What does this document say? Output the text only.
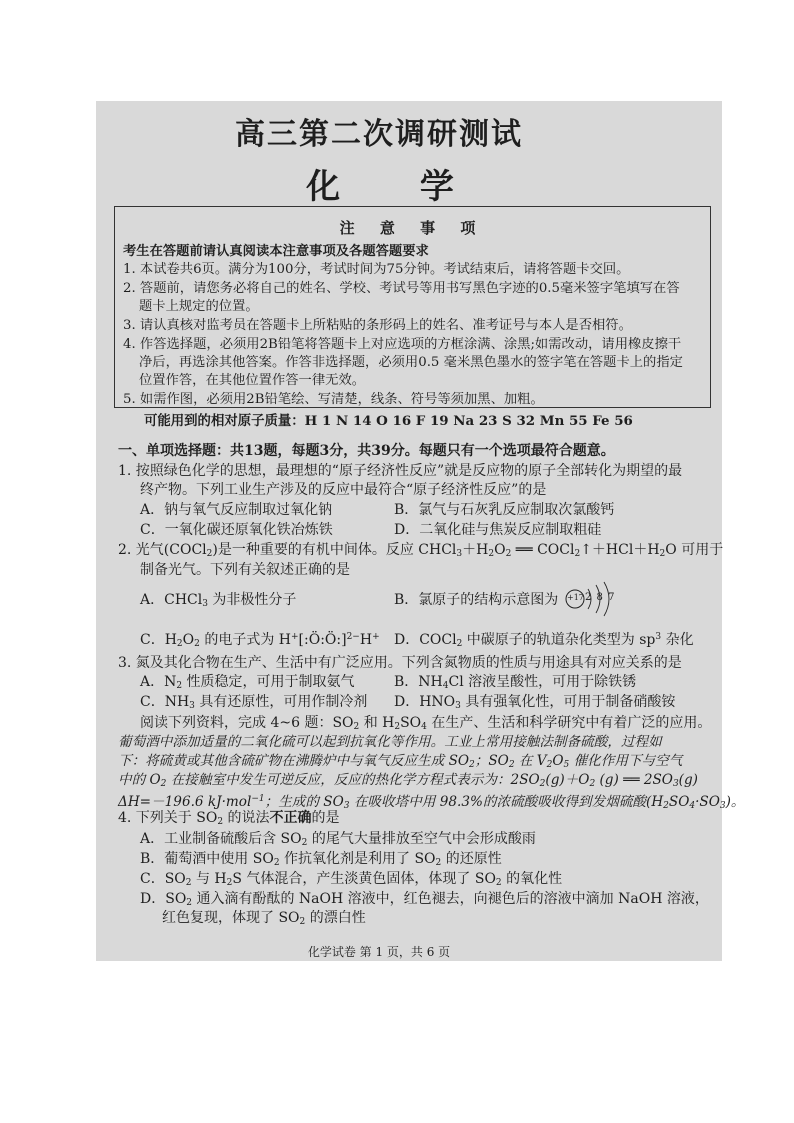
高三第二次调研测试
化 学
注 意 事 项
考生在答题前请认真阅读本注意事项及各题答题要求
1. 本试卷共6页。满分为100分，考试时间为75分钟。考试结束后，请将答题卡交回。
2. 答题前，请您务必将自己的姓名、学校、考试号等用书写黑色字迹的0.5毫米签字笔填写在答
题卡上规定的位置。
3. 请认真核对监考员在答题卡上所粘贴的条形码上的姓名、准考证号与本人是否相符。
4. 作答选择题，必须用2B铅笔将答题卡上对应选项的方框涂满、涂黑;如需改动，请用橡皮擦干
净后，再选涂其他答案。作答非选择题，必须用0.5 毫米黑色墨水的签字笔在答题卡上的指定
位置作答，在其他位置作答一律无效。
5. 如需作图，必须用2B铅笔绘、写清楚，线条、符号等须加黑、加粗。
可能用到的相对原子质量：H 1 N 14 O 16 F 19 Na 23 S 32 Mn 55 Fe 56
一、单项选择题：共13题，每题3分，共39分。每题只有一个选项最符合题意。
1. 按照绿色化学的思想，最理想的“原子经济性反应”就是反应物的原子全部转化为期望的最
终产物。下列工业生产涉及的反应中最符合“原子经济性反应”的是
A．钠与氧气反应制取过氧化钠	B．氯气与石灰乳反应制取次氯酸钙
C．一氧化碳还原氧化铁冶炼铁	D．二氧化硅与焦炭反应制取粗硅
2. 光气(COCl$_2$)是一种重要的有机中间体。反应 $CHCl_3+H_2O_2$ ══ $COCl_2↑+HCl+H_2O$ 可用于
制备光气。下列有关叙述正确的是
A．CHCl$_3$ 为非极性分子	B．氯原子的结构示意图为 +17 2 8 7
C．$H_2O_2$ 的电子式为 H+[:Ö:Ö:]$^{2-}$H+ D．COCl$_2$ 中碳原子的轨道杂化类型为 $sp^3$ 杂化
3. 氮及其化合物在生产、生活中有广泛应用。下列含氮物质的性质与用途具有对应关系的是
A．$N_2$ 性质稳定，可用于制取氨气	B．$NH_4Cl$ 溶液呈酸性，可用于除铁锈
C．$NH_3$ 具有还原性，可用作制冷剂 D．$HNO_3$ 具有强氧化性，可用于制备硝酸铵
阅读下列资料，完成 4~6 题：$SO_2$ 和 $H_2SO_4$ 在生产、生活和科学研究中有着广泛的应用。
葡萄酒中添加适量的二氧化硫可以起到抗氧化等作用。工业上常用接触法制备硫酸，过程如
下：将硫黄或其他含硫矿物在沸腾炉中与氧气反应生成 $SO_2$；$SO_2$ 在 $V_2O_5$ 催化作用下与空气
中的 $O_2$ 在接触室中发生可逆反应，反应的热化学方程式表示为：$2SO_2(g)+O_2$ (g) ══ $2SO_3(g)$
ΔH=－196.6 kJ·mol$^{-1}$；生成的 $SO_3$ 在吸收塔中用 98.3%的浓硫酸吸收得到发烟硫酸$(H_2SO_4\cdot SO_3)$。
4. 下列关于 $SO_2$ 的说法不正确的是
A．工业制备硫酸后含 $SO_2$ 的尾气大量排放至空气中会形成酸雨
B．葡萄酒中使用 $SO_2$ 作抗氧化剂是利用了 $SO_2$ 的还原性
C．$SO_2$ 与 $H_2S$ 气体混合，产生淡黄色固体，体现了 $SO_2$ 的氧化性
D．$SO_2$ 通入滴有酚酞的 NaOH 溶液中，红色褪去，向褪色后的溶液中滴加 NaOH 溶液，
红色复现，体现了 $SO_2$ 的漂白性
化学试卷 第 1 页，共 6 页
